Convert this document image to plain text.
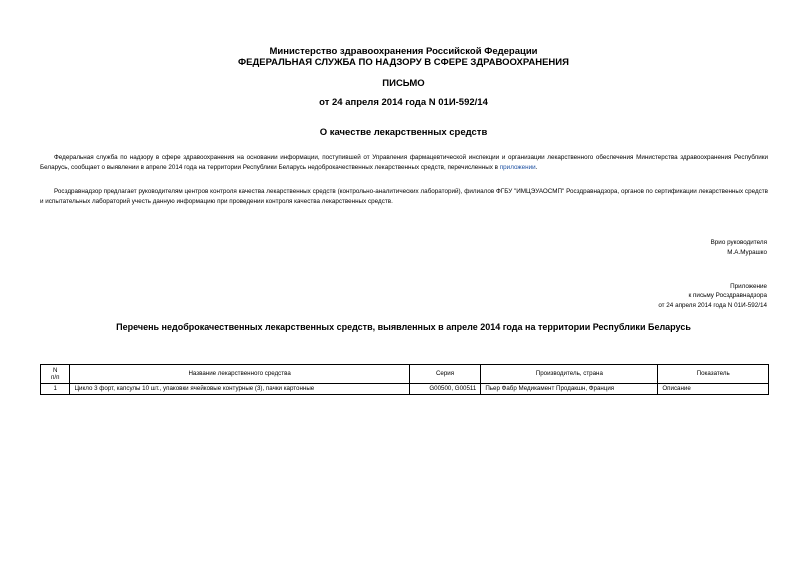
Министерство здравоохранения Российской Федерации
ФЕДЕРАЛЬНАЯ СЛУЖБА ПО НАДЗОРУ В СФЕРЕ ЗДРАВООХРАНЕНИЯ
ПИСЬМО
от 24 апреля 2014 года N 01И-592/14
О качестве лекарственных средств

Федеральная служба по надзору в сфере здравоохранения на основании информации, поступившей от Управления фармацевтической инспекции и организации лекарственного обеспечения Министерства здравоохранения Республики Беларусь, сообщает о выявлении в апреле 2014 года на территории Республики Беларусь недоброкачественных лекарственных средств, перечисленных в приложении.

Росздравнадзор предлагает руководителям центров контроля качества лекарственных средств (контрольно-аналитических лабораторий), филиалов ФГБУ "ИМЦЭУАОСМП" Росздравнадзора, органов по сертификации лекарственных средств и испытательных лабораторий учесть данную информацию при проведении контроля качества лекарственных средств.

Врио руководителя
М.А.Мурашко
Приложение
к письму Росздравнадзора
от 24 апреля 2014 года N 01И-592/14
Перечень недоброкачественных лекарственных средств, выявленных в апреле 2014 года на территории Республики Беларусь
N
п/п	Название лекарственного средства	Серия	Производитель, страна	Показатель
1	Цикло 3 форт, капсулы 10 шт., упаковки ячейковые контурные (3), пачки картонные	G00500, G00511	Пьер Фабр Медикамент Продакшн, Франция	Описание
